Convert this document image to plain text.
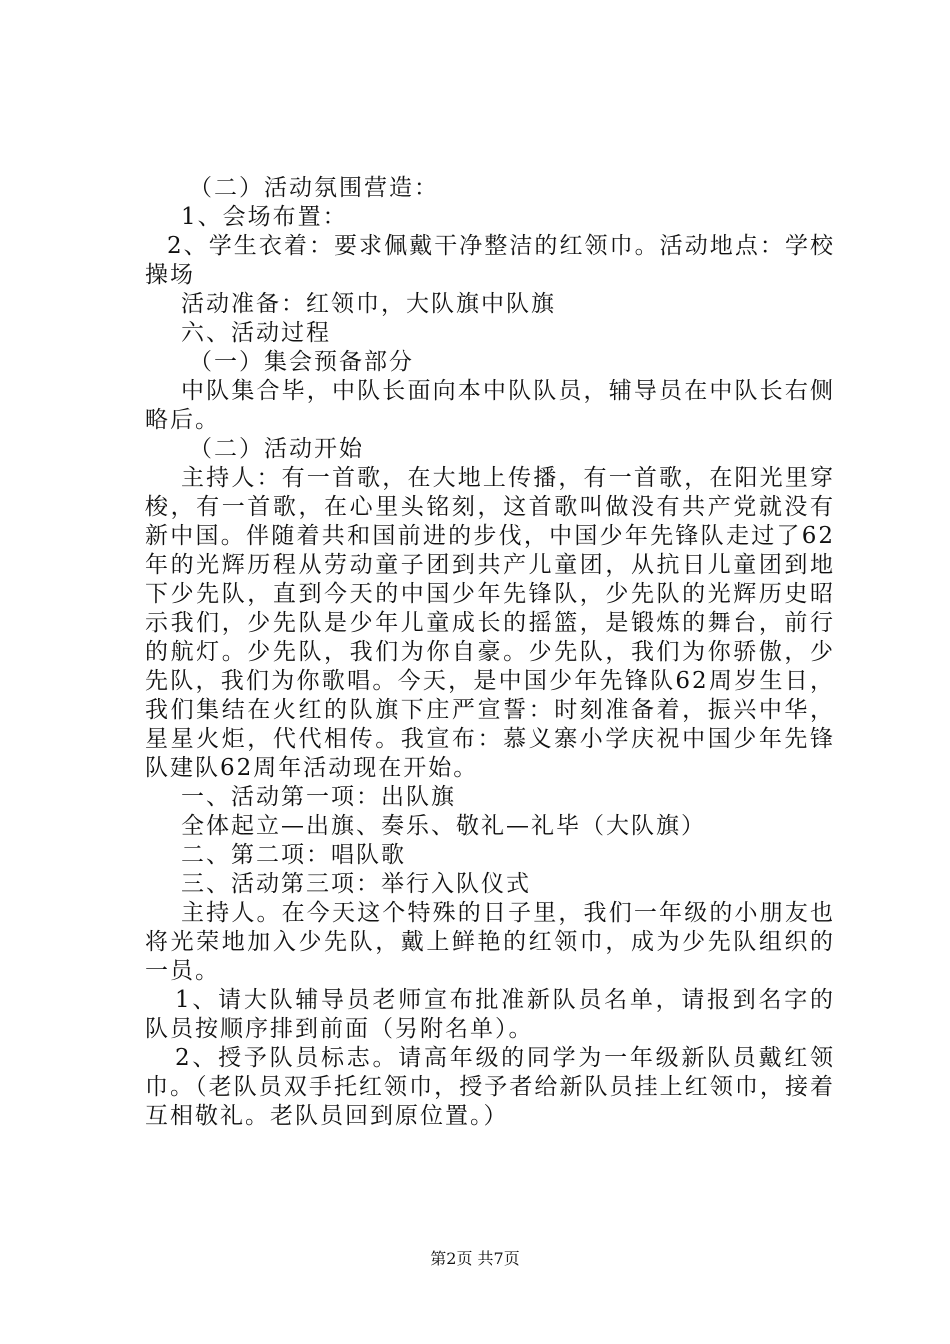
（二）活动氛围营造：

1、会场布置：

2、学生衣着：要求佩戴干净整洁的红领巾。活动地点：学校操场

活动准备：红领巾，大队旗中队旗

六、活动过程

（一）集会预备部分

中队集合毕，中队长面向本中队队员，辅导员在中队长右侧略后。

（二）活动开始

主持人：有一首歌，在大地上传播，有一首歌，在阳光里穿梭，有一首歌，在心里头铭刻，这首歌叫做没有共产党就没有新中国。伴随着共和国前进的步伐，中国少年先锋队走过了62年的光辉历程从劳动童子团到共产儿童团，从抗日儿童团到地下少先队，直到今天的中国少年先锋队，少先队的光辉历史昭示我们，少先队是少年儿童成长的摇篮，是锻炼的舞台，前行的航灯。少先队，我们为你自豪。少先队，我们为你骄傲，少先队，我们为你歌唱。今天，是中国少年先锋队62周岁生日，我们集结在火红的队旗下庄严宣誓：时刻准备着，振兴中华，星星火炬，代代相传。我宣布：慕义寨小学庆祝中国少年先锋队建队62周年活动现在开始。

一、活动第一项：出队旗

全体起立—出旗、奏乐、敬礼—礼毕（大队旗）

二、第二项：唱队歌

三、活动第三项：举行入队仪式

主持人。在今天这个特殊的日子里，我们一年级的小朋友也将光荣地加入少先队，戴上鲜艳的红领巾，成为少先队组织的一员。

1、请大队辅导员老师宣布批准新队员名单，请报到名字的队员按顺序排到前面（另附名单）。

2、授予队员标志。请高年级的同学为一年级新队员戴红领巾。（老队员双手托红领巾，授予者给新队员挂上红领巾，接着互相敬礼。老队员回到原位置。）

第2页 共7页
